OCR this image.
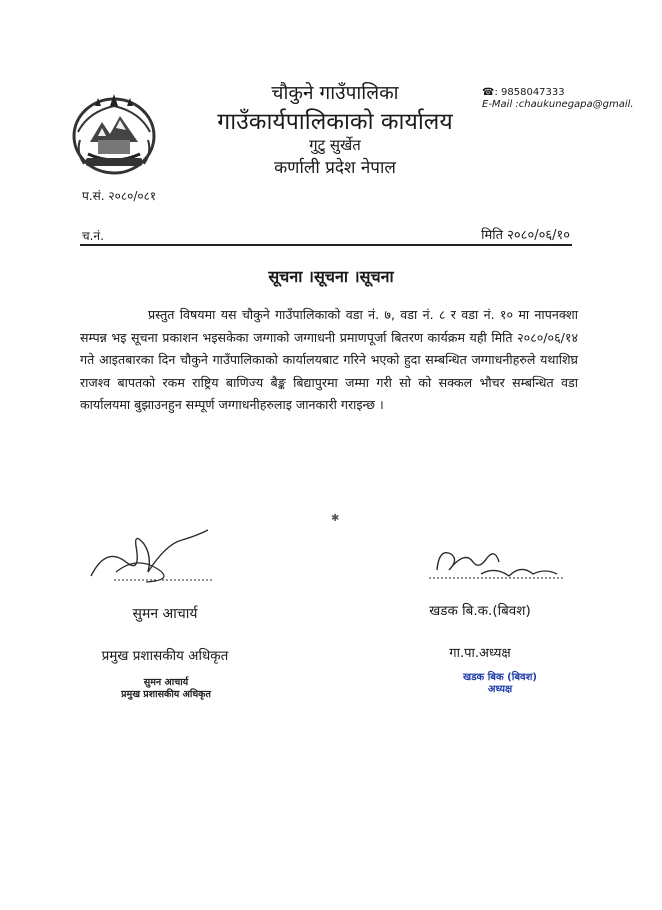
चौकुने गाउँपालिका
गाउँकार्यपालिकाको कार्यालय
गुटु सुर्खेत
कर्णाली प्रदेश नेपाल
☎: 9858047333
E-Mail :chaukunegapa@gmail.
प.सं. २०८०/०८१
च.नं.	मिति २०८०/०६/१०
सूचना ।सूचना ।सूचना
प्रस्तुत विषयमा यस चौकुने गाउँपालिकाको वडा नं. ७, वडा नं. ८ र वडा नं. १० मा नापनक्शा सम्पन्न भइ सूचना प्रकाशन भइसकेका जग्गाको जग्गाधनी प्रमाणपूर्जा बितरण कार्यक्रम यही मिति २०८०/०६/१४ गते आइतबारका दिन चौकुने गाउँपालिकाको कार्यालयबाट गरिने भएको हुदा सम्बन्धित जग्गाधनीहरुले यथाशिघ्र राजश्व बापतको रकम राष्ट्रिय बाणिज्य बैङ्क बिद्यापुरमा जम्मा गरी सो को सक्कल भौचर सम्बन्धित वडा कार्यालयमा बुझाउनहुन सम्पूर्ण जग्गाधनीहरुलाइ जानकारी गराइन्छ ।
✱
सुमन आचार्य
प्रमुख प्रशासकीय अधिकृत
सुमन आचार्य
प्रमुख प्रशासकीय अधिकृत
खडक बि.क.(बिवश)
गा.पा.अध्यक्ष
खडक बिक (बिवश)
अध्यक्ष
